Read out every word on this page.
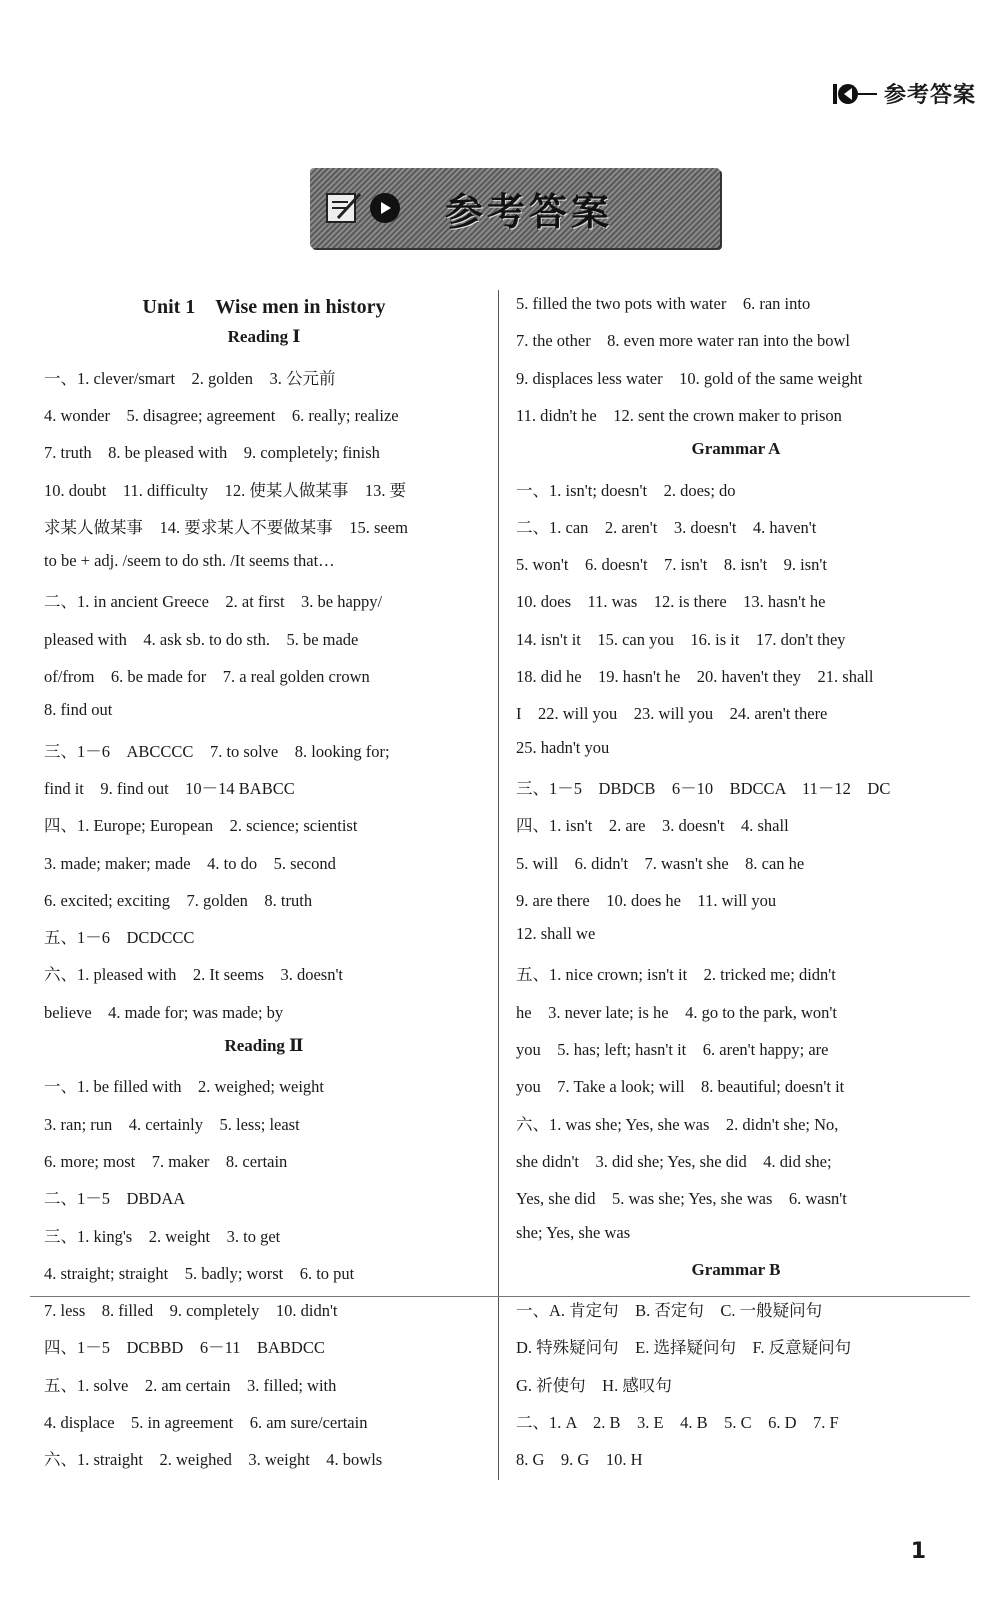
参考答案
参考答案
Unit 1　Wise men in history
Reading Ⅰ
一、1. clever/smart　2. golden　3. 公元前
4. wonder　5. disagree; agreement　6. really; realize
7. truth　8. be pleased with　9. completely; finish
10. doubt　11. difficulty　12. 使某人做某事　13. 要
求某人做某事　14. 要求某人不要做某事　15. seem
to be + adj. /seem to do sth. /It seems that…
二、1. in ancient Greece　2. at first　3. be happy/
pleased with　4. ask sb. to do sth.　5. be made
of/from　6. be made for　7. a real golden crown
8. find out
三、1－6　ABCCCC　7. to solve　8. looking for;
find it　9. find out　10－14 BABCC
四、1. Europe; European　2. science; scientist
3. made; maker; made　4. to do　5. second
6. excited; exciting　7. golden　8. truth
五、1－6　DCDCCC
六、1. pleased with　2. It seems　3. doesn't
believe　4. made for; was made; by
Reading Ⅱ
一、1. be filled with　2. weighed; weight
3. ran; run　4. certainly　5. less; least
6. more; most　7. maker　8. certain
二、1－5　DBDAA
三、1. king's　2. weight　3. to get
4. straight; straight　5. badly; worst　6. to put
7. less　8. filled　9. completely　10. didn't
四、1－5　DCBBD　6－11　BABDCC
五、1. solve　2. am certain　3. filled; with
4. displace　5. in agreement　6. am sure/certain
六、1. straight　2. weighed　3. weight　4. bowls
5. filled the two pots with water　6. ran into
7. the other　8. even more water ran into the bowl
9. displaces less water　10. gold of the same weight
11. didn't he　12. sent the crown maker to prison
Grammar A
一、1. isn't; doesn't　2. does; do
二、1. can　2. aren't　3. doesn't　4. haven't
5. won't　6. doesn't　7. isn't　8. isn't　9. isn't
10. does　11. was　12. is there　13. hasn't he
14. isn't it　15. can you　16. is it　17. don't they
18. did he　19. hasn't he　20. haven't they　21. shall
I　22. will you　23. will you　24. aren't there
25. hadn't you
三、1－5　DBDCB　6－10　BDCCA　11－12　DC
四、1. isn't　2. are　3. doesn't　4. shall
5. will　6. didn't　7. wasn't she　8. can he
9. are there　10. does he　11. will you
12. shall we
五、1. nice crown; isn't it　2. tricked me; didn't
he　3. never late; is he　4. go to the park, won't
you　5. has; left; hasn't it　6. aren't happy; are
you　7. Take a look; will　8. beautiful; doesn't it
六、1. was she; Yes, she was　2. didn't she; No,
she didn't　3. did she; Yes, she did　4. did she;
Yes, she did　5. was she; Yes, she was　6. wasn't
she; Yes, she was
Grammar B
一、A. 肯定句　B. 否定句　C. 一般疑问句
D. 特殊疑问句　E. 选择疑问句　F. 反意疑问句
G. 祈使句　H. 感叹句
二、1. A　2. B　3. E　4. B　5. C　6. D　7. F
8. G　9. G　10. H
1
